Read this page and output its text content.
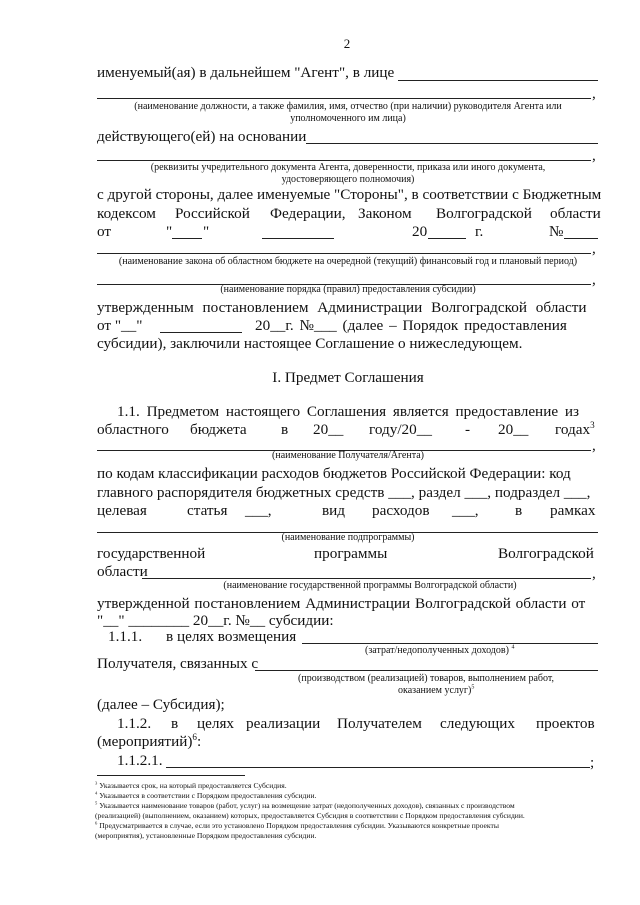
2
именуемый(ая) в дальнейшем "Агент", в лице
,
(наименование должности, а также фамилия, имя, отчество (при наличии) руководителя Агента или
уполномоченного им лица)
действующего(ей) на основании
,
(реквизиты учредительного документа Агента, доверенности, приказа или иного документа,
удостоверяющего полномочия)
с другой стороны, далее именуемые "Стороны", в соответствии с Бюджетным
кодексом Российской Федерации, Законом Волгоградской области
от	" "	20	г.	№
,
(наименование закона об областном бюджете на очередной (текущий) финансовый год и плановый период)
,
(наименование порядка (правил) предоставления субсидии)
утвержденным постановлением Администрации Волгоградской области
от "__"	20__г. №___ (далее – Порядок предоставления
субсидии), заключили настоящее Соглашение о нижеследующем.
I. Предмет Соглашения
1.1. Предметом настоящего Соглашения является предоставление из
областного бюджета в 20__ году/20__ - 20__ годах$^3$
,
(наименование Получателя/Агента)
по кодам классификации расходов бюджетов Российской Федерации: код
главного распорядителя бюджетных средств ___, раздел ___, подраздел ___,
целевая	статья ___,	вид расходов ___, в рамках
(наименование подпрограммы)
государственной	программы	Волгоградской
области	,
(наименование государственной программы Волгоградской области)
утвержденной постановлением Администрации Волгоградской области от
"__" ________ 20__г. №__ субсидии:
1.1.1. в целях возмещения
(затрат/недополученных доходов) $^4$
Получателя, связанных с
(производством (реализацией) товаров, выполнением работ,
оказанием услуг)$^5$
(далее – Субсидия);
1.1.2. в целях реализации Получателем следующих проектов
(мероприятий)$^6$:
1.1.2.1.	;
$^3$ Указывается срок, на который предоставляется Субсидия.
$^4$ Указывается в соответствии с Порядком предоставления субсидии.
$^5$ Указывается наименование товаров (работ, услуг) на возмещение затрат (недополученных доходов), связанных с производством
(реализацией) (выполнением, оказанием) которых, предоставляется Субсидия в соответствии с Порядком предоставления субсидии.
$^6$ Предусматривается в случае, если это установлено Порядком предоставления субсидии. Указываются конкретные проекты
(мероприятия), установленные Порядком предоставления субсидии.
